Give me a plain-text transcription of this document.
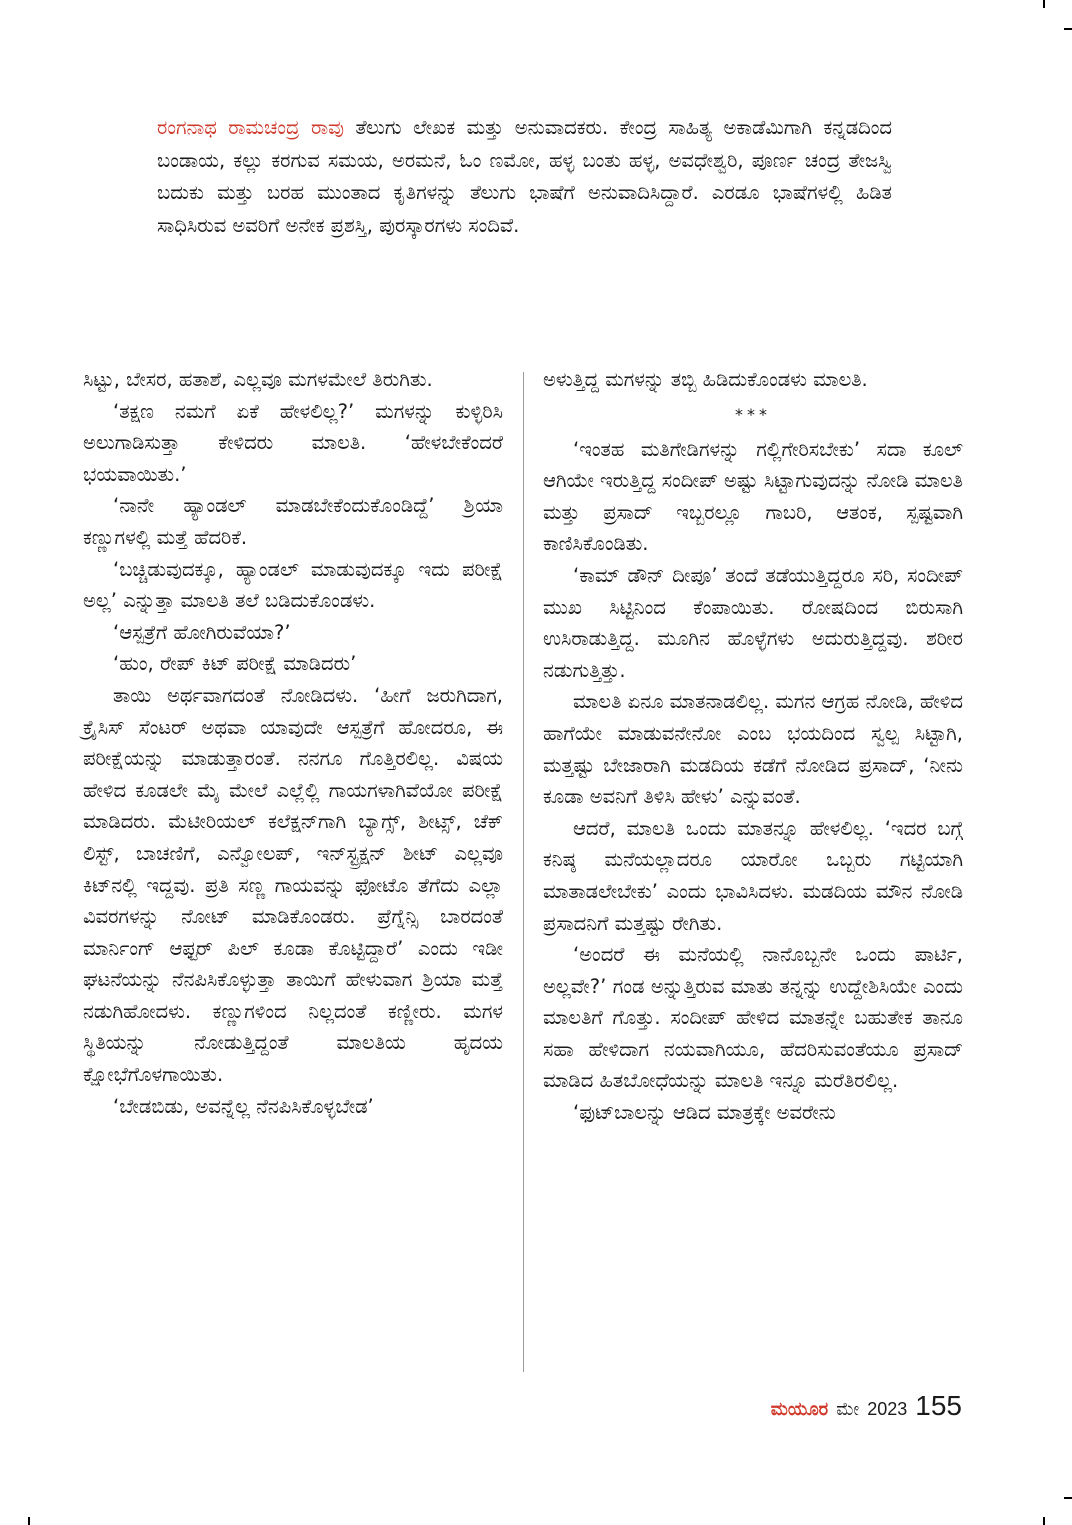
ರಂಗನಾಥ ರಾಮಚಂದ್ರ ರಾವು ತೆಲುಗು ಲೇಖಕ ಮತ್ತು ಅನುವಾದಕರು. ಕೇಂದ್ರ ಸಾಹಿತ್ಯ ಅಕಾಡೆಮಿಗಾಗಿ ಕನ್ನಡದಿಂದ ಬಂಡಾಯ, ಕಲ್ಲು ಕರಗುವ ಸಮಯ, ಅರಮನೆ, ಓಂ ಣಮೋ, ಹಳ್ಳ ಬಂತು ಹಳ್ಳ, ಅವಧೇಶ್ವರಿ, ಪೂರ್ಣ ಚಂದ್ರ ತೇಜಸ್ವಿ ಬದುಕು ಮತ್ತು ಬರಹ ಮುಂತಾದ ಕೃತಿಗಳನ್ನು ತೆಲುಗು ಭಾಷೆಗೆ ಅನುವಾದಿಸಿದ್ದಾರೆ. ಎರಡೂ ಭಾಷೆಗಳಲ್ಲಿ ಹಿಡಿತ ಸಾಧಿಸಿರುವ ಅವರಿಗೆ ಅನೇಕ ಪ್ರಶಸ್ತಿ, ಪುರಸ್ಕಾರಗಳು ಸಂದಿವೆ.

ಸಿಟ್ಟು, ಬೇಸರ, ಹತಾಶೆ, ಎಲ್ಲವೂ ಮಗಳಮೇಲೆ ತಿರುಗಿತು.

‘ತಕ್ಷಣ ನಮಗೆ ಏಕೆ ಹೇಳಲಿಲ್ಲ?’ ಮಗಳನ್ನು ಕುಳ್ಳಿರಿಸಿ ಅಲುಗಾಡಿಸುತ್ತಾ ಕೇಳಿದರು ಮಾಲತಿ. ‘ಹೇಳಬೇಕೆಂದರೆ ಭಯವಾಯಿತು.’

‘ನಾನೇ ಹ್ಯಾಂಡಲ್ ಮಾಡಬೇಕೆಂದುಕೊಂಡಿದ್ದೆ’ ಶ್ರಿಯಾ ಕಣ್ಣುಗಳಲ್ಲಿ ಮತ್ತೆ ಹೆದರಿಕೆ.

‘ಬಚ್ಚಿಡುವುದಕ್ಕೂ, ಹ್ಯಾಂಡಲ್ ಮಾಡುವುದಕ್ಕೂ ಇದು ಪರೀಕ್ಷೆ ಅಲ್ಲ’ ಎನ್ನುತ್ತಾ ಮಾಲತಿ ತಲೆ ಬಡಿದುಕೊಂಡಳು.

‘ಆಸ್ಪತ್ರೆಗೆ ಹೋಗಿರುವೆಯಾ?’

‘ಹುಂ, ರೇಪ್ ಕಿಟ್ ಪರೀಕ್ಷೆ ಮಾಡಿದರು’

ತಾಯಿ ಅರ್ಥವಾಗದಂತೆ ನೋಡಿದಳು. ‘ಹೀಗೆ ಜರುಗಿದಾಗ, ಕ್ರೈಸಿಸ್ ಸೆಂಟರ್ ಅಥವಾ ಯಾವುದೇ ಆಸ್ಪತ್ರೆಗೆ ಹೋದರೂ, ಈ ಪರೀಕ್ಷೆಯನ್ನು ಮಾಡುತ್ತಾರಂತೆ. ನನಗೂ ಗೊತ್ತಿರಲಿಲ್ಲ. ವಿಷಯ ಹೇಳಿದ ಕೂಡಲೇ ಮೈ ಮೇಲೆ ಎಲ್ಲೆಲ್ಲಿ ಗಾಯಗಳಾಗಿವೆಯೋ ಪರೀಕ್ಷೆ ಮಾಡಿದರು. ಮೆಟೀರಿಯಲ್ ಕಲೆಕ್ಷನ್‌ಗಾಗಿ ಬ್ಯಾಗ್ಸ್, ಶೀಟ್ಸ್, ಚೆಕ್ ಲಿಸ್ಟ್, ಬಾಚಣಿಗೆ, ಎನ್ವೋಲಪ್, ಇನ್‌ಸ್ಟ್ರಕ್ಷನ್ ಶೀಟ್ ಎಲ್ಲವೂ ಕಿಟ್‌ನಲ್ಲಿ ಇದ್ದವು. ಪ್ರತಿ ಸಣ್ಣ ಗಾಯವನ್ನು ಫೋಟೊ ತೆಗೆದು ಎಲ್ಲಾ ವಿವರಗಳನ್ನು ನೋಟ್ ಮಾಡಿಕೊಂಡರು. ಪ್ರೆಗ್ನೆನ್ಸಿ ಬಾರದಂತೆ ಮಾರ್ನಿಂಗ್ ಆಫ್ಟರ್ ಪಿಲ್ ಕೂಡಾ ಕೊಟ್ಟಿದ್ದಾರೆ’ ಎಂದು ಇಡೀ ಘಟನೆಯನ್ನು ನೆನಪಿಸಿಕೊಳ್ಳುತ್ತಾ ತಾಯಿಗೆ ಹೇಳುವಾಗ ಶ್ರಿಯಾ ಮತ್ತೆ ನಡುಗಿಹೋದಳು. ಕಣ್ಣುಗಳಿಂದ ನಿಲ್ಲದಂತೆ ಕಣ್ಣೀರು. ಮಗಳ ಸ್ಥಿತಿಯನ್ನು ನೋಡುತ್ತಿದ್ದಂತೆ ಮಾಲತಿಯ ಹೃದಯ ಕ್ಷೋಭೆಗೊಳಗಾಯಿತು.

‘ಬೇಡಬಿಡು, ಅವನ್ನೆಲ್ಲ ನೆನಪಿಸಿಕೊಳ್ಳಬೇಡ’

ಅಳುತ್ತಿದ್ದ ಮಗಳನ್ನು ತಬ್ಬಿ ಹಿಡಿದುಕೊಂಡಳು ಮಾಲತಿ.

***

‘ಇಂತಹ ಮತಿಗೇಡಿಗಳನ್ನು ಗಲ್ಲಿಗೇರಿಸಬೇಕು’ ಸದಾ ಕೂಲ್ ಆಗಿಯೇ ಇರುತ್ತಿದ್ದ ಸಂದೀಪ್ ಅಷ್ಟು ಸಿಟ್ಟಾಗುವುದನ್ನು ನೋಡಿ ಮಾಲತಿ ಮತ್ತು ಪ್ರಸಾದ್ ಇಬ್ಬರಲ್ಲೂ ಗಾಬರಿ, ಆತಂಕ, ಸ್ಪಷ್ಟವಾಗಿ ಕಾಣಿಸಿಕೊಂಡಿತು.

‘ಕಾಮ್ ಡೌನ್ ದೀಪೂ’ ತಂದೆ ತಡೆಯುತ್ತಿದ್ದರೂ ಸರಿ, ಸಂದೀಪ್ ಮುಖ ಸಿಟ್ಟಿನಿಂದ ಕೆಂಪಾಯಿತು. ರೋಷದಿಂದ ಬಿರುಸಾಗಿ ಉಸಿರಾಡುತ್ತಿದ್ದ. ಮೂಗಿನ ಹೊಳ್ಳೆಗಳು ಅದುರುತ್ತಿದ್ದವು. ಶರೀರ ನಡುಗುತ್ತಿತ್ತು.

ಮಾಲತಿ ಏನೂ ಮಾತನಾಡಲಿಲ್ಲ. ಮಗನ ಆಗ್ರಹ ನೋಡಿ, ಹೇಳಿದ ಹಾಗೆಯೇ ಮಾಡುವನೇನೋ ಎಂಬ ಭಯದಿಂದ ಸ್ವಲ್ಪ ಸಿಟ್ಟಾಗಿ, ಮತ್ತಷ್ಟು ಬೇಜಾರಾಗಿ ಮಡದಿಯ ಕಡೆಗೆ ನೋಡಿದ ಪ್ರಸಾದ್, ‘ನೀನು ಕೂಡಾ ಅವನಿಗೆ ತಿಳಿಸಿ ಹೇಳು’ ಎನ್ನುವಂತೆ.

ಆದರೆ, ಮಾಲತಿ ಒಂದು ಮಾತನ್ನೂ ಹೇಳಲಿಲ್ಲ. ‘ಇದರ ಬಗ್ಗೆ ಕನಿಷ್ಠ ಮನೆಯಲ್ಲಾದರೂ ಯಾರೋ ಒಬ್ಬರು ಗಟ್ಟಿಯಾಗಿ ಮಾತಾಡಲೇಬೇಕು’ ಎಂದು ಭಾವಿಸಿದಳು. ಮಡದಿಯ ಮೌನ ನೋಡಿ ಪ್ರಸಾದನಿಗೆ ಮತ್ತಷ್ಟು ರೇಗಿತು.

‘ಅಂದರೆ ಈ ಮನೆಯಲ್ಲಿ ನಾನೊಬ್ಬನೇ ಒಂದು ಪಾರ್ಟಿ, ಅಲ್ಲವೇ?’ ಗಂಡ ಅನ್ನುತ್ತಿರುವ ಮಾತು ತನ್ನನ್ನು ಉದ್ದೇಶಿಸಿಯೇ ಎಂದು ಮಾಲತಿಗೆ ಗೊತ್ತು. ಸಂದೀಪ್ ಹೇಳಿದ ಮಾತನ್ನೇ ಬಹುತೇಕ ತಾನೂ ಸಹಾ ಹೇಳಿದಾಗ ನಯವಾಗಿಯೂ, ಹೆದರಿಸುವಂತೆಯೂ ಪ್ರಸಾದ್ ಮಾಡಿದ ಹಿತಬೋಧೆಯನ್ನು ಮಾಲತಿ ಇನ್ನೂ ಮರೆತಿರಲಿಲ್ಲ.

‘ಫುಟ್‌ಬಾಲನ್ನು ಆಡಿದ ಮಾತ್ರಕ್ಕೇ ಅವರೇನು

ಮಯೂರ ಮೇ 2023 155
